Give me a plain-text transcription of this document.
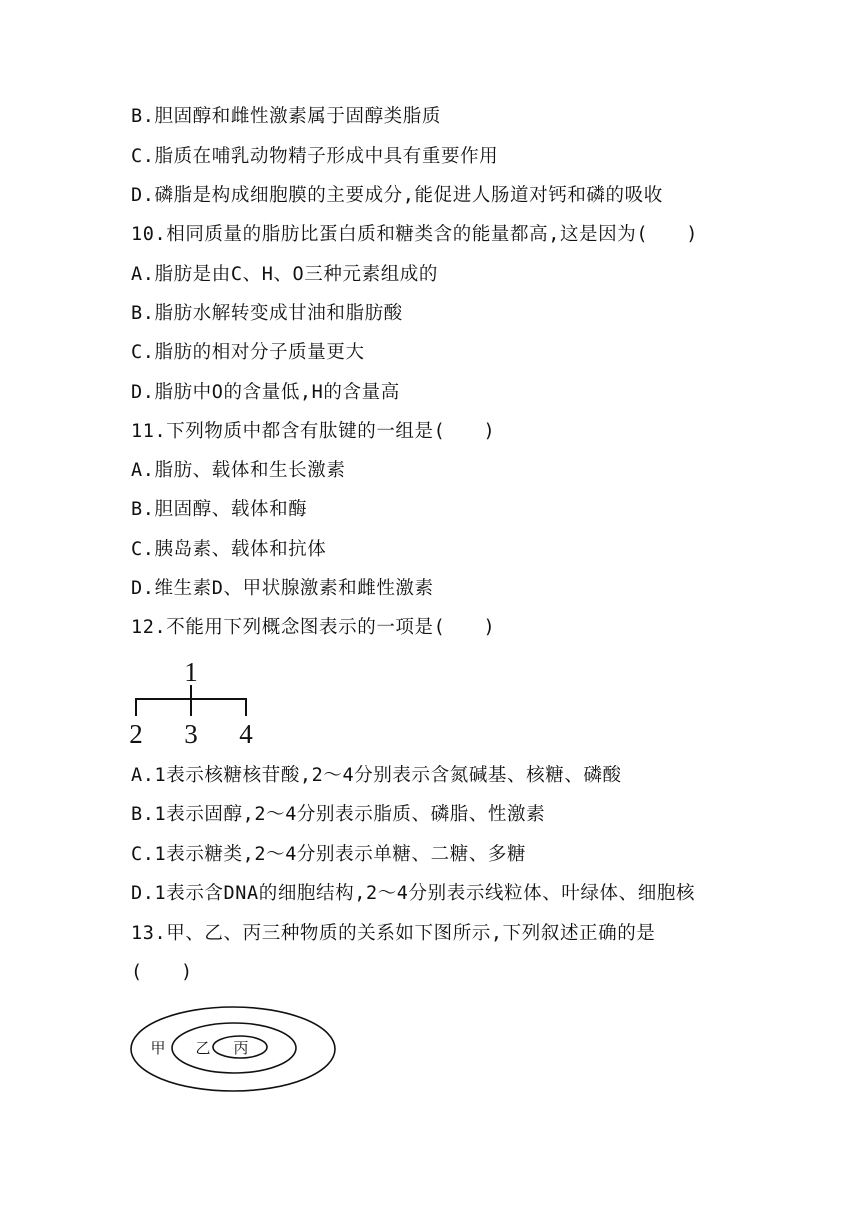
B.胆固醇和雌性激素属于固醇类脂质
C.脂质在哺乳动物精子形成中具有重要作用
D.磷脂是构成细胞膜的主要成分,能促进人肠道对钙和磷的吸收
10.相同质量的脂肪比蛋白质和糖类含的能量都高,这是因为(　　)
A.脂肪是由C、H、O三种元素组成的
B.脂肪水解转变成甘油和脂肪酸
C.脂肪的相对分子质量更大
D.脂肪中O的含量低,H的含量高
11.下列物质中都含有肽键的一组是(　　)
A.脂肪、载体和生长激素
B.胆固醇、载体和酶
C.胰岛素、载体和抗体
D.维生素D、甲状腺激素和雌性激素
12.不能用下列概念图表示的一项是(　　)
1
2 3 4
A.1表示核糖核苷酸,2～4分别表示含氮碱基、核糖、磷酸
B.1表示固醇,2～4分别表示脂质、磷脂、性激素
C.1表示糖类,2～4分别表示单糖、二糖、多糖
D.1表示含DNA的细胞结构,2～4分别表示线粒体、叶绿体、细胞核
13.甲、乙、丙三种物质的关系如下图所示,下列叙述正确的是
(　　)
甲 乙 丙
